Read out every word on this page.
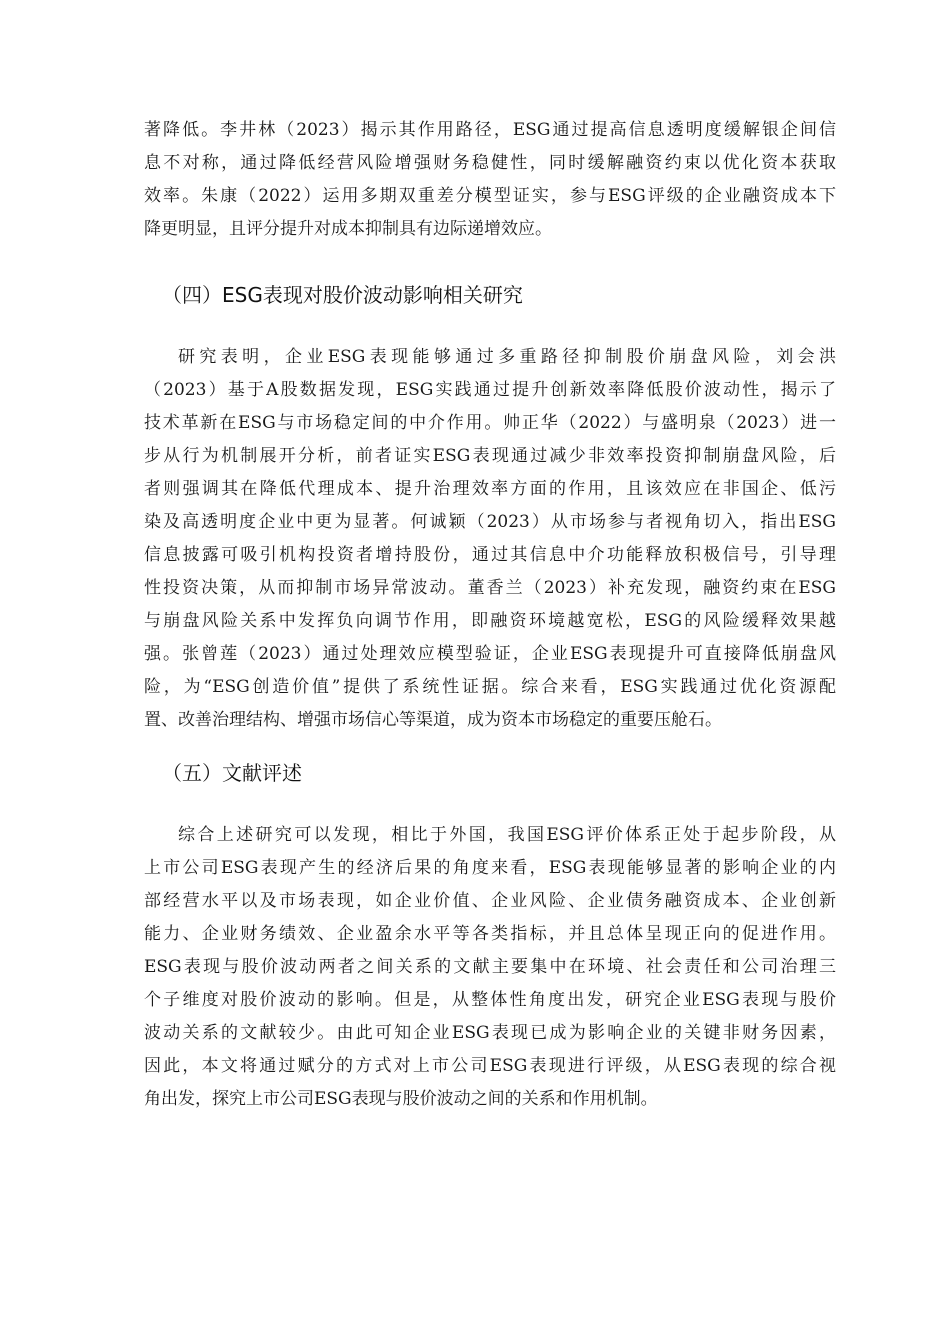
著降低。李井林（2023）揭示其作用路径，ESG通过提高信息透明度缓解银企间信
息不对称，通过降低经营风险增强财务稳健性，同时缓解融资约束以优化资本获取
效率。朱康（2022）运用多期双重差分模型证实，参与ESG评级的企业融资成本下
降更明显，且评分提升对成本抑制具有边际递增效应。
（四）ESG表现对股价波动影响相关研究
研究表明，企业ESG表现能够通过多重路径抑制股价崩盘风险，刘会洪
（2023）基于A股数据发现，ESG实践通过提升创新效率降低股价波动性，揭示了
技术革新在ESG与市场稳定间的中介作用。帅正华（2022）与盛明泉（2023）进一
步从行为机制展开分析，前者证实ESG表现通过减少非效率投资抑制崩盘风险，后
者则强调其在降低代理成本、提升治理效率方面的作用，且该效应在非国企、低污
染及高透明度企业中更为显著。何诚颖（2023）从市场参与者视角切入，指出ESG
信息披露可吸引机构投资者增持股份，通过其信息中介功能释放积极信号，引导理
性投资决策，从而抑制市场异常波动。董香兰（2023）补充发现，融资约束在ESG
与崩盘风险关系中发挥负向调节作用，即融资环境越宽松，ESG的风险缓释效果越
强。张曾莲（2023）通过处理效应模型验证，企业ESG表现提升可直接降低崩盘风
险，为“ESG创造价值”提供了系统性证据。综合来看，ESG实践通过优化资源配
置、改善治理结构、增强市场信心等渠道，成为资本市场稳定的重要压舱石。
（五）文献评述
综合上述研究可以发现，相比于外国，我国ESG评价体系正处于起步阶段，从
上市公司ESG表现产生的经济后果的角度来看，ESG表现能够显著的影响企业的内
部经营水平以及市场表现，如企业价值、企业风险、企业债务融资成本、企业创新
能力、企业财务绩效、企业盈余水平等各类指标，并且总体呈现正向的促进作用。
ESG表现与股价波动两者之间关系的文献主要集中在环境、社会责任和公司治理三
个子维度对股价波动的影响。但是，从整体性角度出发，研究企业ESG表现与股价
波动关系的文献较少。由此可知企业ESG表现已成为影响企业的关键非财务因素，
因此，本文将通过赋分的方式对上市公司ESG表现进行评级，从ESG表现的综合视
角出发，探究上市公司ESG表现与股价波动之间的关系和作用机制。
